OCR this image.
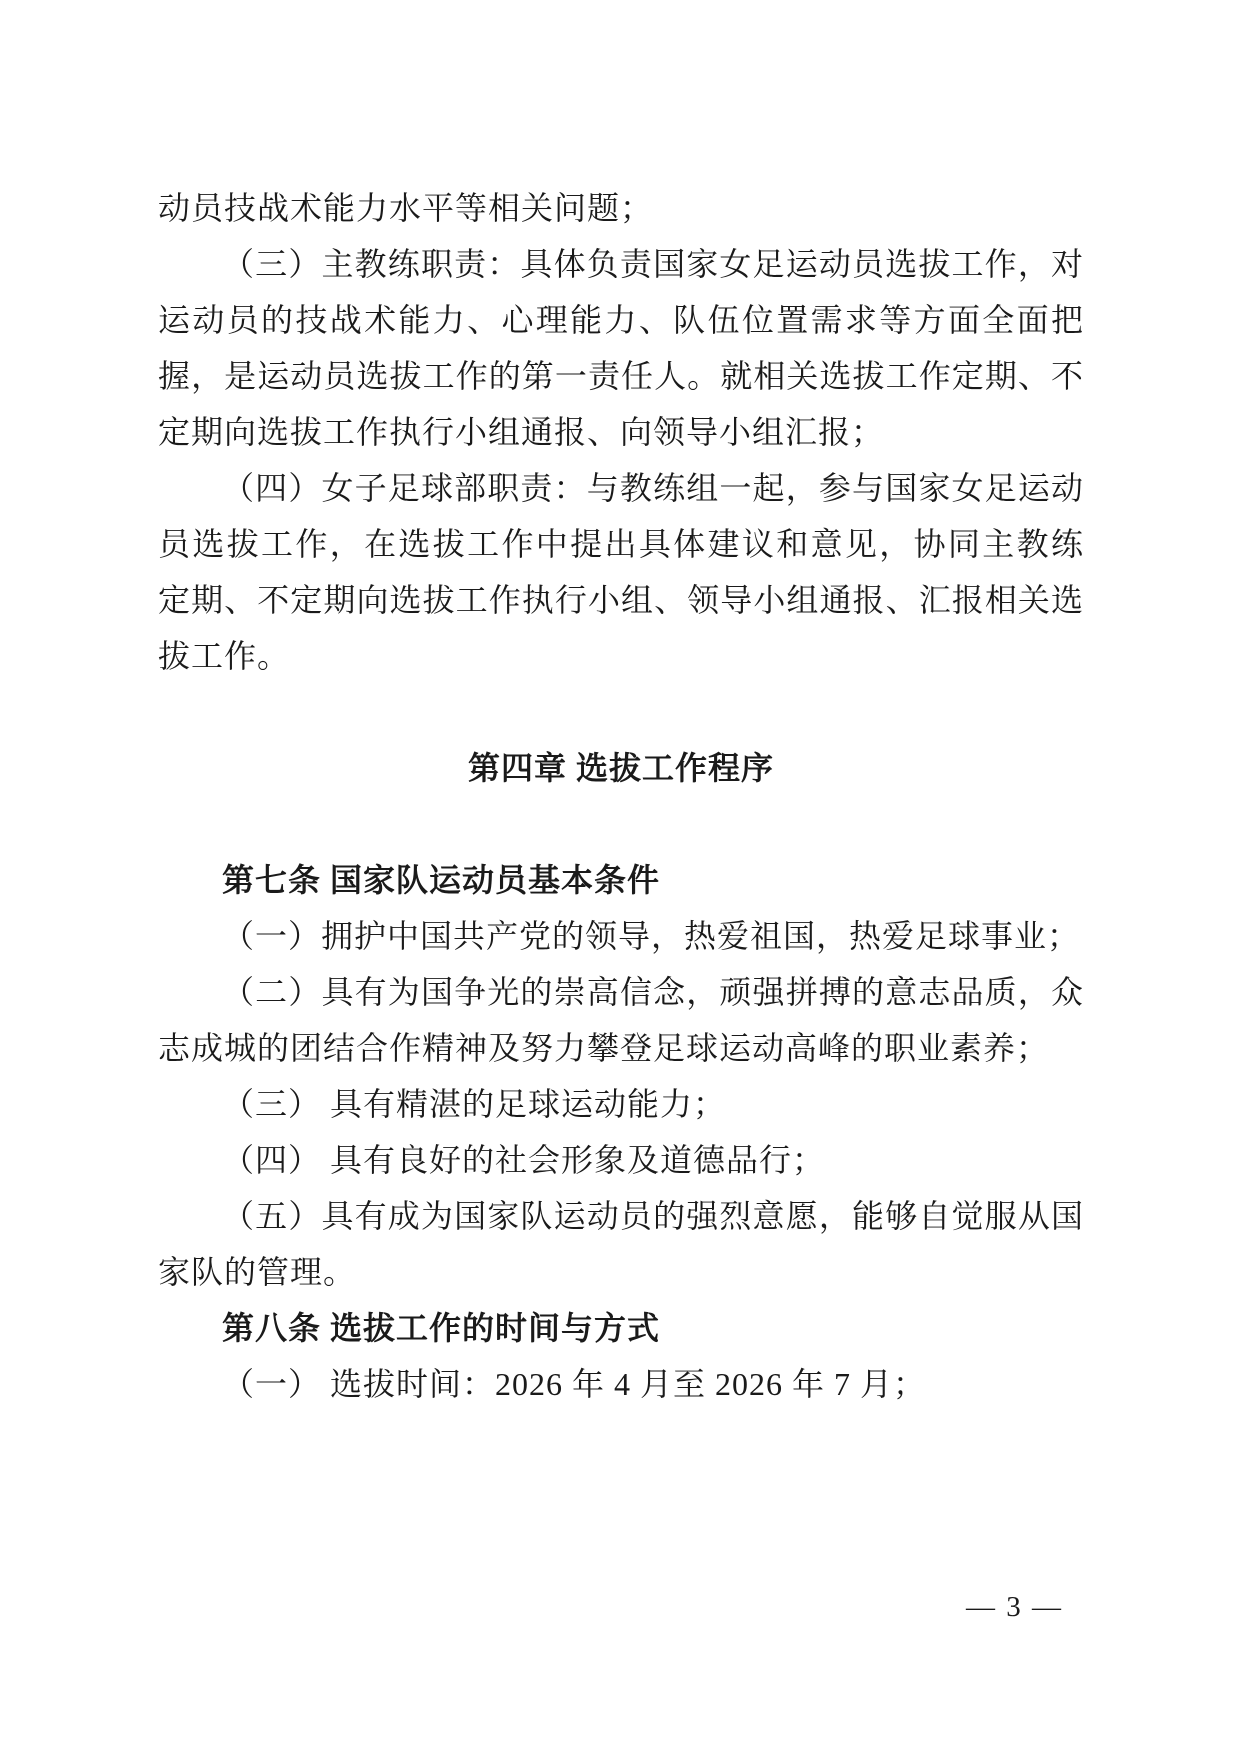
动员技战术能力水平等相关问题；
（三）主教练职责：具体负责国家女足运动员选拔工作，对
运动员的技战术能力、心理能力、队伍位置需求等方面全面把
握，是运动员选拔工作的第一责任人。就相关选拔工作定期、不
定期向选拔工作执行小组通报、向领导小组汇报；
（四）女子足球部职责：与教练组一起，参与国家女足运动
员选拔工作，在选拔工作中提出具体建议和意见，协同主教练
定期、不定期向选拔工作执行小组、领导小组通报、汇报相关选
拔工作。
第四章 选拔工作程序
第七条 国家队运动员基本条件
（一）拥护中国共产党的领导，热爱祖国，热爱足球事业；
（二）具有为国争光的崇高信念，顽强拼搏的意志品质，众
志成城的团结合作精神及努力攀登足球运动高峰的职业素养；
（三） 具有精湛的足球运动能力；
（四） 具有良好的社会形象及道德品行；
（五）具有成为国家队运动员的强烈意愿，能够自觉服从国
家队的管理。
第八条 选拔工作的时间与方式
（一） 选拔时间：2026 年 4 月至 2026 年 7 月；
— 3 —
